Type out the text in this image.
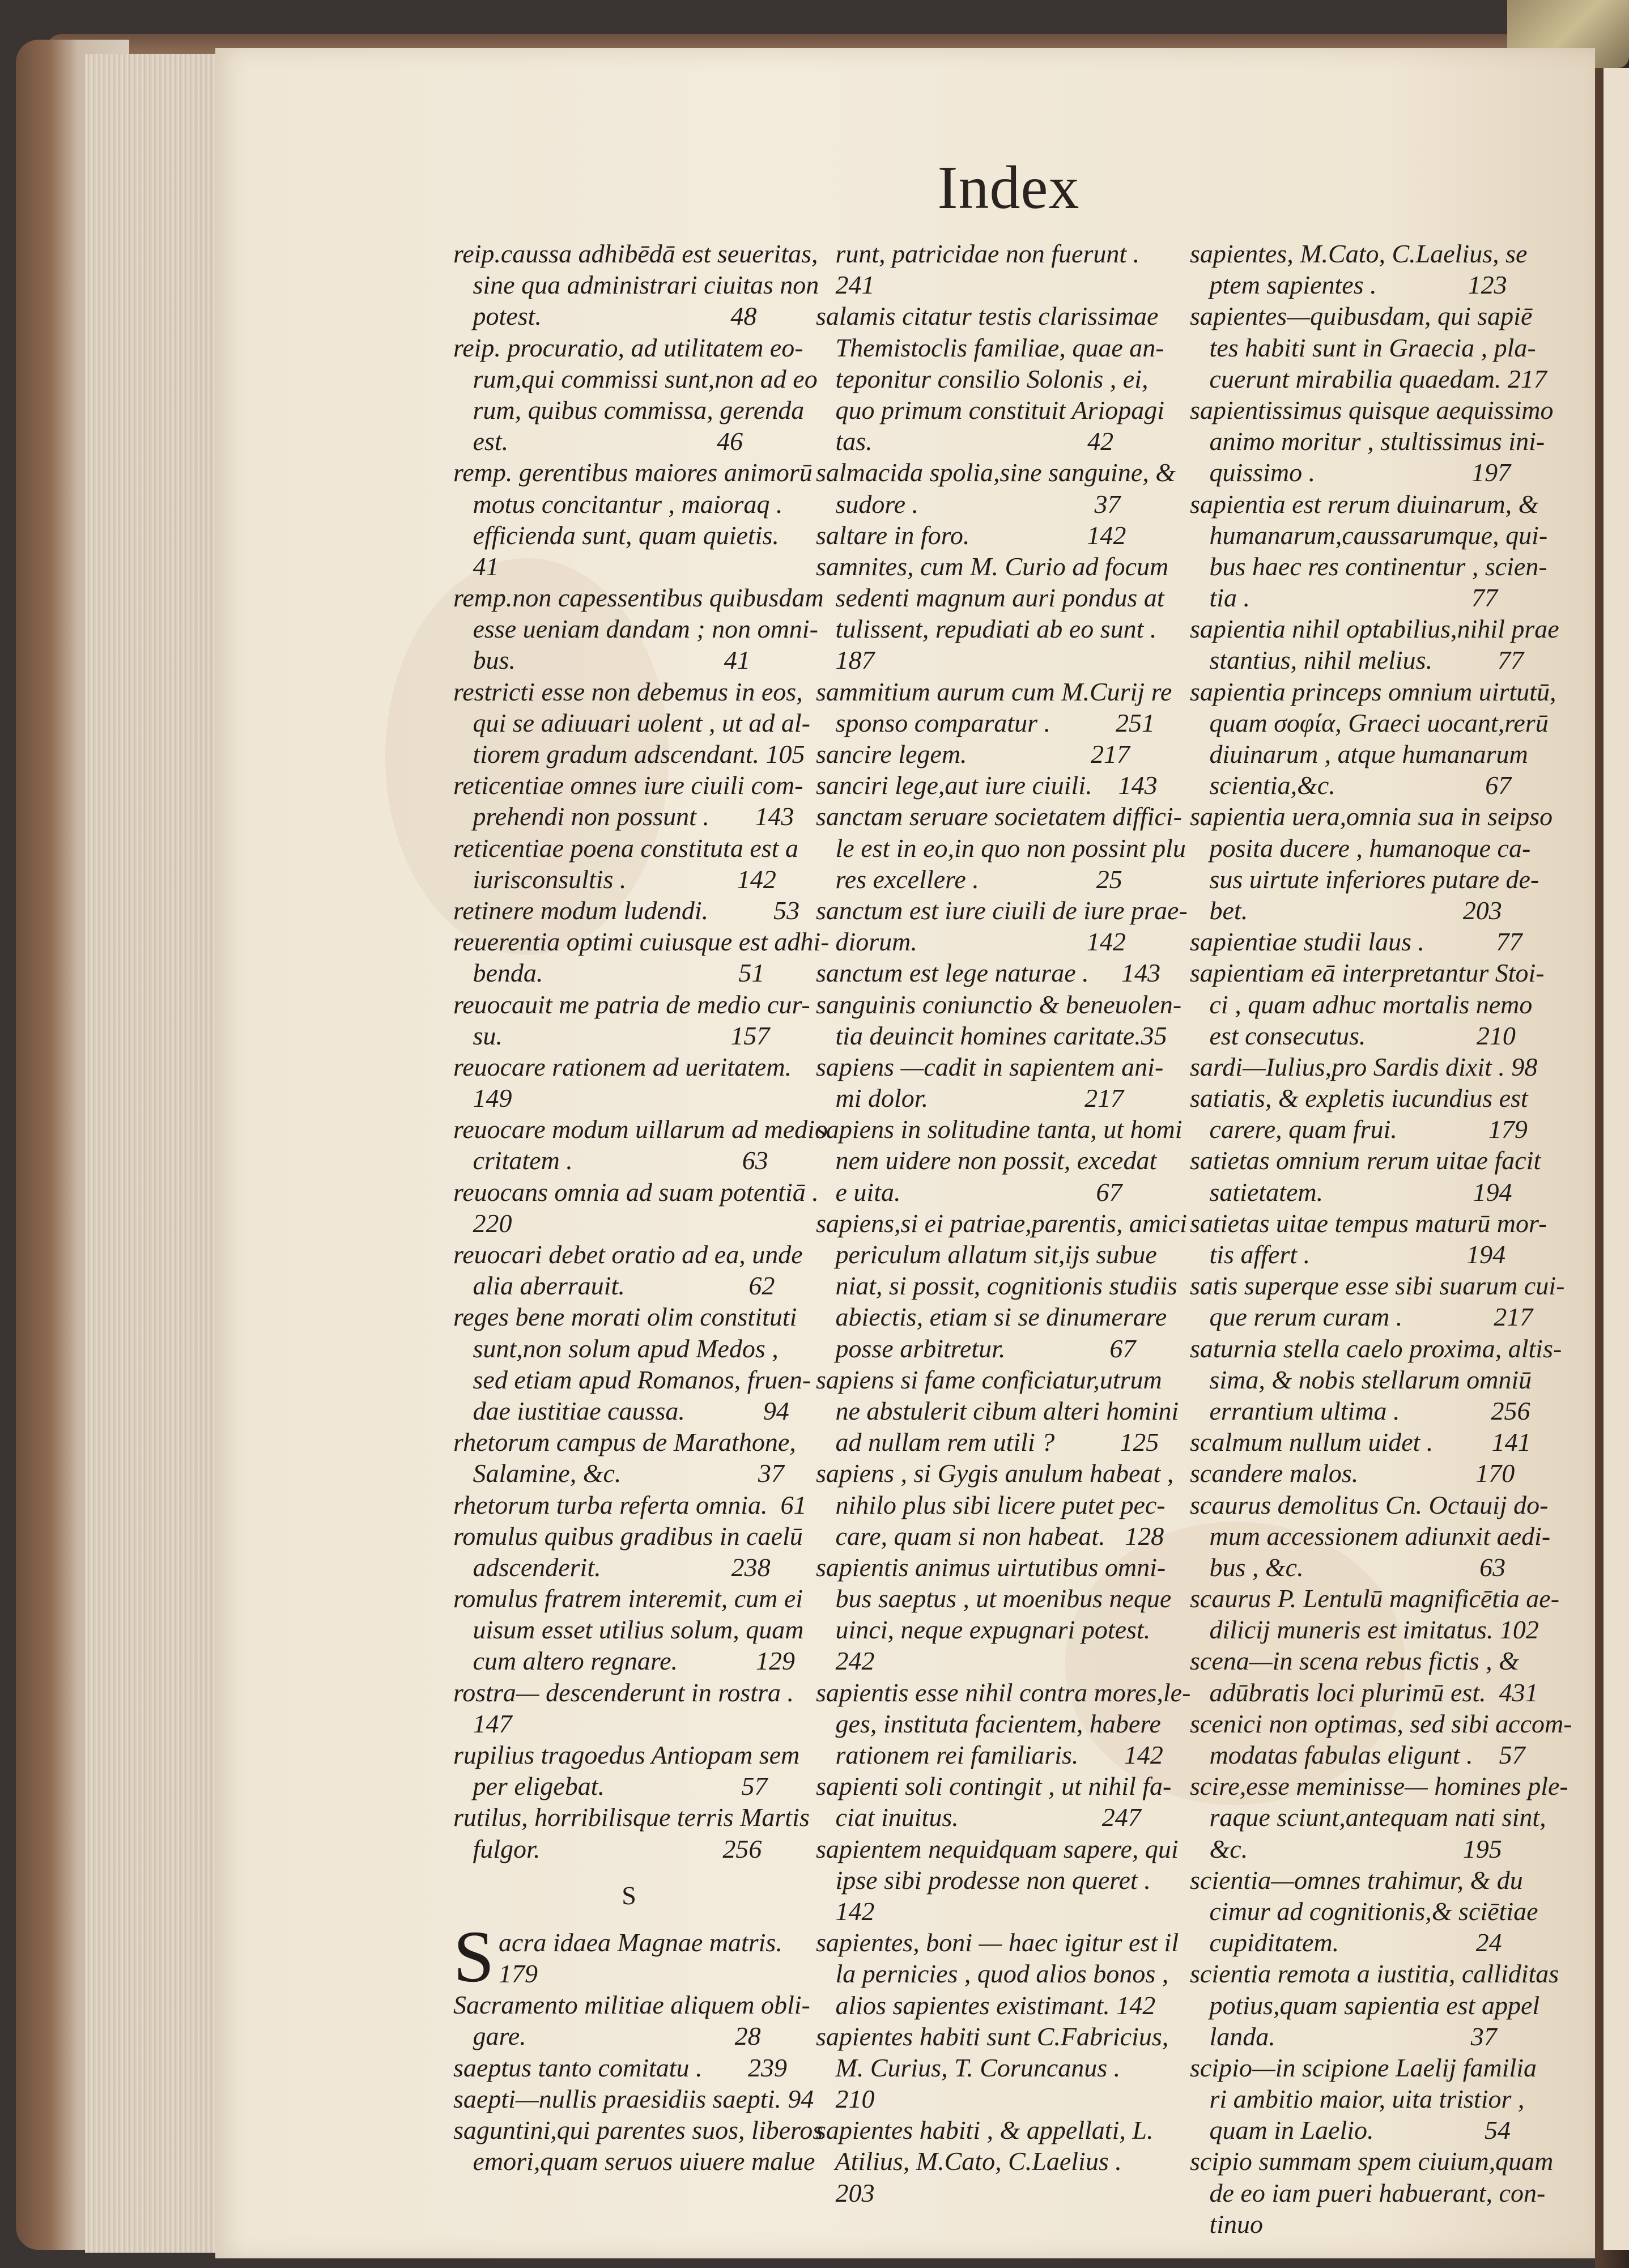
Index
reip.caussa adhibēdā est seueritas,
sine qua administrari ciuitas non
potest.                             48
reip. procuratio, ad utilitatem eo-
rum,qui commissi sunt,non ad eo
rum, quibus commissa, gerenda
est.                                46
remp. gerentibus maiores animorū
motus concitantur , maioraq .
efficienda sunt, quam quietis.
41
remp.non capessentibus quibusdam
esse ueniam dandam ; non omni-
bus.                                41
restricti esse non debemus in eos,
qui se adiuuari uolent , ut ad al-
tiorem gradum adscendant. 105
reticentiae omnes iure ciuili com-
prehendi non possunt .       143
reticentiae poena constituta est a
iurisconsultis .                 142
retinere modum ludendi.          53
reuerentia optimi cuiusque est adhi-
benda.                              51
reuocauit me patria de medio cur-
su.                                   157
reuocare rationem ad ueritatem.
149
reuocare modum uillarum ad medio
critatem .                          63
reuocans omnia ad suam potentiā .
220
reuocari debet oratio ad ea, unde
alia aberrauit.                   62
reges bene morati olim constituti
sunt,non solum apud Medos ,
sed etiam apud Romanos, fruen-
dae iustitiae caussa.            94
rhetorum campus de Marathone,
Salamine, &c.                     37
rhetorum turba referta omnia.  61
romulus quibus gradibus in caelū
adscenderit.                    238
romulus fratrem interemit, cum ei
uisum esset utilius solum, quam
cum altero regnare.            129
rostra— descenderunt in rostra .
147
rupilius tragoedus Antiopam sem
per eligebat.                     57
rutilus, horribilisque terris Martis
fulgor.                            256
S
S acra idaea Magnae matris.
179
Sacramento militiae aliquem obli-
gare.                                28
saeptus tanto comitatu .       239
saepti—nullis praesidiis saepti. 94
saguntini,qui parentes suos, liberos
emori,quam seruos uiuere malue
runt, patricidae non fuerunt .
241
salamis citatur testis clarissimae
Themistoclis familiae, quae an-
teponitur consilio Solonis , ei,
quo primum constituit Ariopagi
tas.                                 42
salmacida spolia,sine sanguine, &
sudore .                           37
saltare in foro.                  142
samnites, cum M. Curio ad focum
sedenti magnum auri pondus at
tulissent, repudiati ab eo sunt .
187
sammitium aurum cum M.Curij re
sponso comparatur .          251
sancire legem.                   217
sanciri lege,aut iure ciuili.    143
sanctam seruare societatem diffici-
le est in eo,in quo non possint plu
res excellere .                  25
sanctum est iure ciuili de iure prae-
diorum.                          142
sanctum est lege naturae .     143
sanguinis coniunctio & beneuolen-
tia deuincit homines caritate.35
sapiens —cadit in sapientem ani-
mi dolor.                        217
sapiens in solitudine tanta, ut homi
nem uidere non possit, excedat
e uita.                              67
sapiens,si ei patriae,parentis, amici
periculum allatum sit,ijs subue
niat, si possit, cognitionis studiis
abiectis, etiam si se dinumerare
posse arbitretur.                67
sapiens si fame conficiatur,utrum
ne abstulerit cibum alteri homini
ad nullam rem utili ?          125
sapiens , si Gygis anulum habeat ,
nihilo plus sibi licere putet pec-
care, quam si non habeat.   128
sapientis animus uirtutibus omni-
bus saeptus , ut moenibus neque
uinci, neque expugnari potest.
242
sapientis esse nihil contra mores,le-
ges, instituta facientem, habere
rationem rei familiaris.       142
sapienti soli contingit , ut nihil fa-
ciat inuitus.                      247
sapientem nequidquam sapere, qui
ipse sibi prodesse non queret .
142
sapientes, boni — haec igitur est il
la pernicies , quod alios bonos ,
alios sapientes existimant. 142
sapientes habiti sunt C.Fabricius,
M. Curius, T. Coruncanus .
210
sapientes habiti , & appellati, L.
Atilius, M.Cato, C.Laelius .
203
sapientes, M.Cato, C.Laelius, se
ptem sapientes .              123
sapientes—quibusdam, qui sapiē
tes habiti sunt in Graecia , pla-
cuerunt mirabilia quaedam. 217
sapientissimus quisque aequissimo
animo moritur , stultissimus ini-
quissimo .                        197
sapientia est rerum diuinarum, &
humanarum,caussarumque, qui-
bus haec res continentur , scien-
tia .                                  77
sapientia nihil optabilius,nihil prae
stantius, nihil melius.          77
sapientia princeps omnium uirtutū,
quam σοφία, Graeci uocant,rerū
diuinarum , atque humanarum
scientia,&c.                       67
sapientia uera,omnia sua in seipso
posita ducere , humanoque ca-
sus uirtute inferiores putare de-
bet.                                 203
sapientiae studii laus .           77
sapientiam eā interpretantur Stoi-
ci , quam adhuc mortalis nemo
est consecutus.                 210
sardi—Iulius,pro Sardis dixit . 98
satiatis, & expletis iucundius est
carere, quam frui.              179
satietas omnium rerum uitae facit
satietatem.                       194
satietas uitae tempus maturū mor-
tis affert .                        194
satis superque esse sibi suarum cui-
que rerum curam .              217
saturnia stella caelo proxima, altis-
sima, & nobis stellarum omniū
errantium ultima .              256
scalmum nullum uidet .         141
scandere malos.                  170
scaurus demolitus Cn. Octauij do-
mum accessionem adiunxit aedi-
bus , &c.                           63
scaurus P. Lentulū magnificētia ae-
dilicij muneris est imitatus. 102
scena—in scena rebus fictis , &
adūbratis loci plurimū est.  431
scenici non optimas, sed sibi accom-
modatas fabulas eligunt .    57
scire,esse meminisse— homines ple-
raque sciunt,antequam nati sint,
&c.                                 195
scientia—omnes trahimur, & du
cimur ad cognitionis,& sciētiae
cupiditatem.                     24
scientia remota a iustitia, calliditas
potius,quam sapientia est appel
landa.                              37
scipio—in scipione Laelij familia
ri ambitio maior, uita tristior ,
quam in Laelio.                 54
scipio summam spem ciuium,quam
de eo iam pueri habuerant, con-
tinuo
